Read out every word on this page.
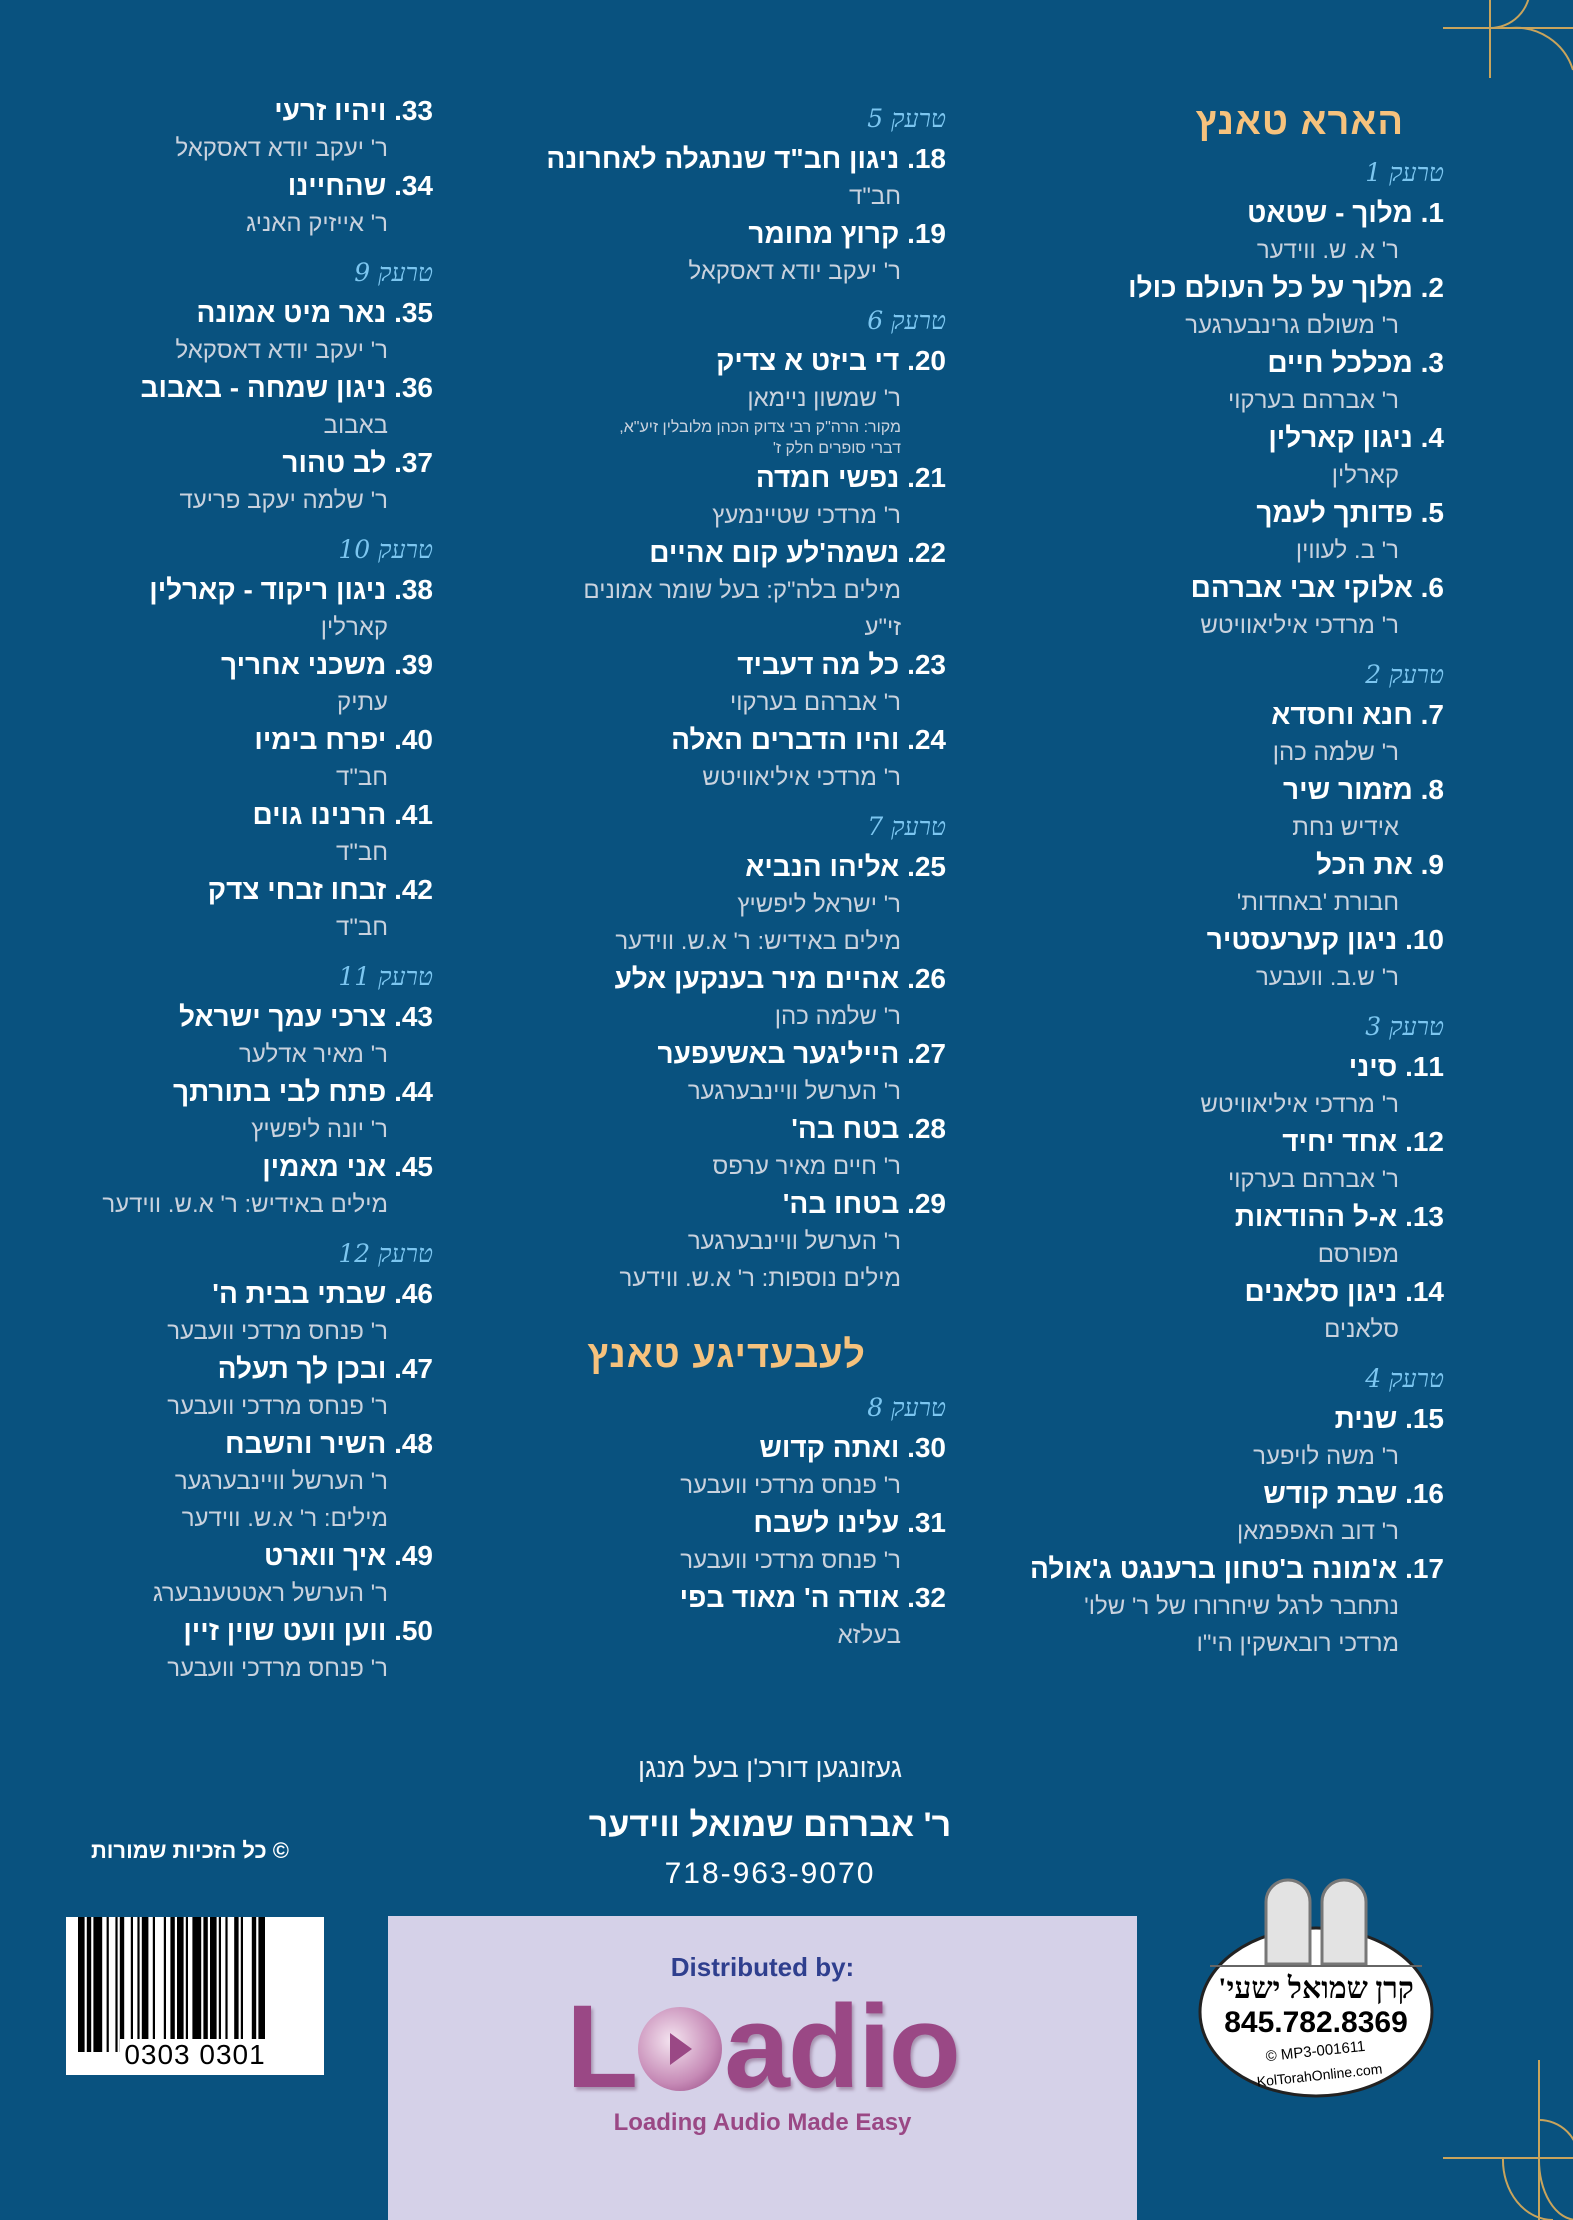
הארא טאנץ
טרעק 1
1. מלוך - שטאט
ר' א. ש. ווידער
2. מלוך על כל העולם כולו
ר' משולם גרינבערגער
3. מכלכל חיים
ר' אברהם בערקוי
4. ניגון קארלין
קארלין
5. פדותך לעמך
ר' ב. לעווין
6. אלוקי אבי אברהם
ר' מרדכי איליאוויטש
טרעק 2
7. חנא וחסדא
ר' שלמה כהן
8. מזמור שיר
אידיש נחת
9. את הכל
חבורת 'באחדות'
10. ניגון קערעסטיר
ר' ש.ב. וועבער
טרעק 3
11. סיני
ר' מרדכי איליאוויטש
12. אחד יחיד
ר' אברהם בערקוי
13. א-ל ההודאות
מפורסם
14. ניגון סלאנים
סלאנים
טרעק 4
15. שנית
ר' משה לויפער
16. שבת קודש
ר' דוב האפפמאן
17. א'מונה ב'טחון ברענגט ג'אולה
נתחבר לרגל שיחרורו של ר' שלו'
מרדכי רובאשקין הי"ו
טרעק 5
18. ניגון חב"ד שנתגלה לאחרונה
חב"ד
19. קרוץ מחומר
ר' יעקב יודא דאסקאל
טרעק 6
20. די ביזט א צדיק
ר' שמשון ניימאן
מקור: הרה"ק רבי צדוק הכהן מלובלין זיע"א,
דברי סופרים חלק ז'
21. נפשי חמדה
ר' מרדכי שטיינמעץ
22. נשמה'לע קום אהיים
מילים בלה"ק: בעל שומר אמונים
זי"ע
23. כל מה דעביד
ר' אברהם בערקוי
24. והיו הדברים האלה
ר' מרדכי איליאוויטש
טרעק 7
25. אליהו הנביא
ר' ישראל ליפשיץ
מילים באידיש: ר' א.ש. ווידער
26. אהיים מיר בענקען אלע
ר' שלמה כהן
27. הייליגער באשעפער
ר' הערשל וויינבערגער
28. בטח בה'
ר' חיים מאיר ערפס
29. בטחו בה'
ר' הערשל וויינבערגער
מילים נוספות: ר' א.ש. ווידער
לעבעדיגע טאנץ
טרעק 8
30. ואתה קדוש
ר' פנחס מרדכי וועבער
31. עלינו לשבח
ר' פנחס מרדכי וועבער
32. אודה ה' מאוד בפי
בעלזא
33. ויהיו זרעי
ר' יעקב יודא דאסקאל
34. שהחיינו
ר' אייזיק האניג
טרעק 9
35. נאר מיט אמונה
ר' יעקב יודא דאסקאל
36. ניגון שמחה - באבוב
באבוב
37. לב טהור
ר' שלמה יעקב פריעד
טרעק 10
38. ניגון ריקוד - קארלין
קארלין
39. משכני אחריך
עתיק
40. יפרח בימיו
חב"ד
41. הרנינו גוים
חב"ד
42. זבחו זבחי צדק
חב"ד
טרעק 11
43. צרכי עמך ישראל
ר' מאיר אדלער
44. פתח לבי בתורתך
ר' יונה ליפשיץ
45. אני מאמין
מילים באידיש: ר' א.ש. ווידער
טרעק 12
46. שבתי בבית ה'
ר' פנחס מרדכי וועבער
47. ובכן לך תעלה
ר' פנחס מרדכי וועבער
48. השיר והשבח
ר' הערשל וויינבערגער
מילים: ר' א.ש. ווידער
49. איך ווארט
ר' הערשל ראטטענבערג
50. ווען וועט שוין זיין
ר' פנחס מרדכי וועבער
געזונגען דורכ'ן בעל מנגן
ר' אברהם שמואל ווידער
718-963-9070
© כל הזכיות שמורות
0303 0301
Distributed by:
L adio
Loading Audio Made Easy
קרן שמואל ישעי'
845.782.8369
© MP3-001611
KolTorahOnline.com
